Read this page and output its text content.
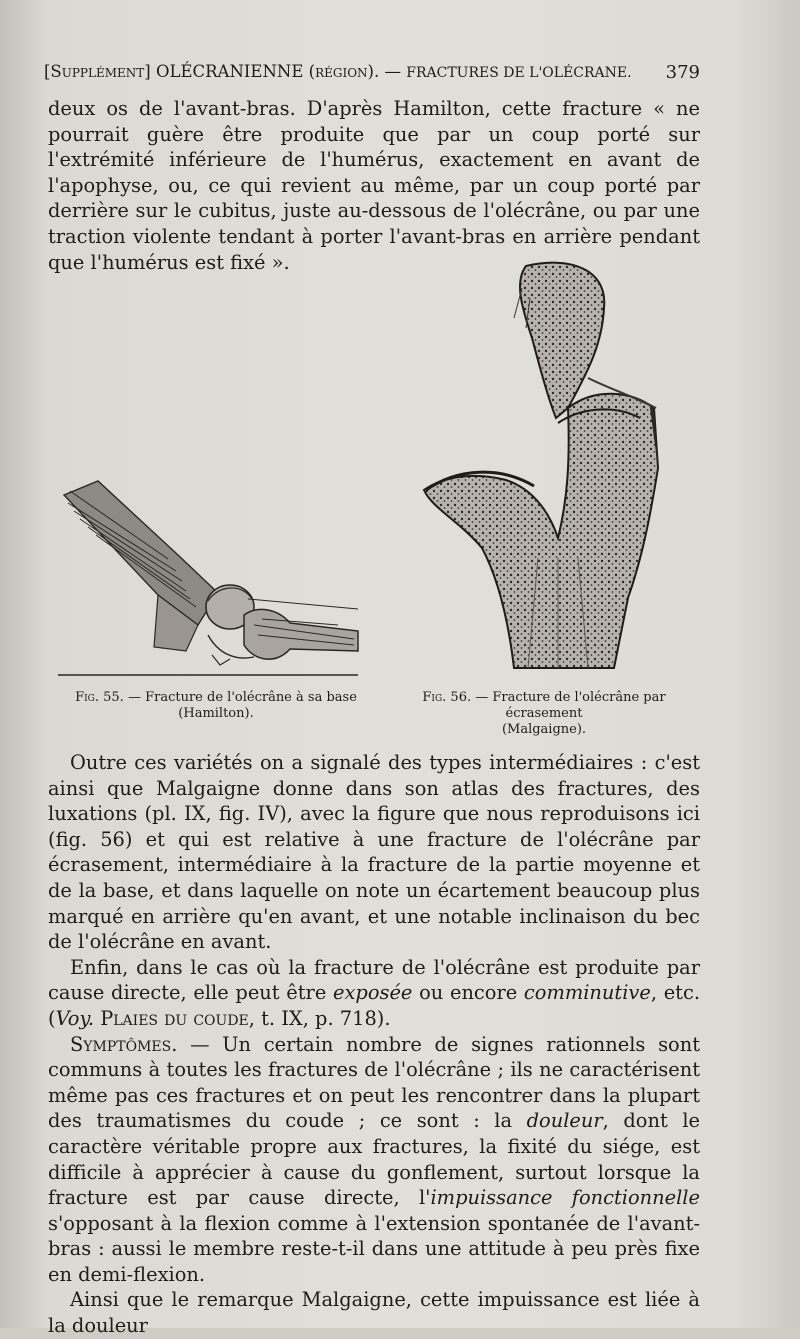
[Supplément] OLÉCRANIENNE (région). — FRACTURES DE L'OLÉCRANE. 379

deux os de l'avant-bras. D'après Hamilton, cette fracture « ne pourrait guère être produite que par un coup porté sur l'extrémité inférieure de l'humérus, exactement en avant de l'apophyse, ou, ce qui revient au même, par un coup porté par derrière sur le cubitus, juste au-dessous de l'olécrâne, ou par une traction violente tendant à porter l'avant-bras en arrière pendant que l'humérus est fixé ».

Fig. 55. — Fracture de l'olécrâne à sa base
(Hamilton).
Fig. 56. — Fracture de l'olécrâne par écrasement
(Malgaigne).

Outre ces variétés on a signalé des types intermédiaires : c'est ainsi que Malgaigne donne dans son atlas des fractures, des luxations (pl. IX, fig. IV), avec la figure que nous reproduisons ici (fig. 56) et qui est relative à une fracture de l'olécrâne par écrasement, intermédiaire à la fracture de la partie moyenne et de la base, et dans laquelle on note un écartement beaucoup plus marqué en arrière qu'en avant, et une notable inclinaison du bec de l'olécrâne en avant.

Enfin, dans le cas où la fracture de l'olécrâne est produite par cause directe, elle peut être exposée ou encore comminutive, etc. (Voy. Plaies du coude, t. IX, p. 718).

Symptômes. — Un certain nombre de signes rationnels sont communs à toutes les fractures de l'olécrâne ; ils ne caractérisent même pas ces fractures et on peut les rencontrer dans la plupart des traumatismes du coude ; ce sont : la douleur, dont le caractère véritable propre aux fractures, la fixité du siége, est difficile à apprécier à cause du gonflement, surtout lorsque la fracture est par cause directe, l'impuissance fonctionnelle s'opposant à la flexion comme à l'extension spontanée de l'avant-bras : aussi le membre reste-t-il dans une attitude à peu près fixe en demi-flexion.

Ainsi que le remarque Malgaigne, cette impuissance est liée à la douleur
